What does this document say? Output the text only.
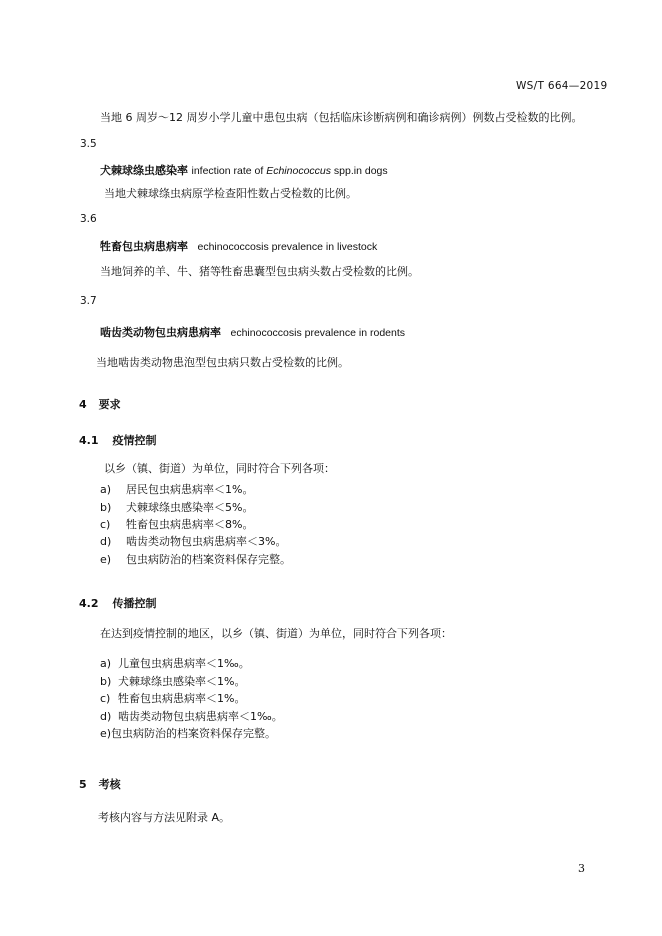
WS/T 664—2019
当地 6 周岁～12 周岁小学儿童中患包虫病（包括临床诊断病例和确诊病例）例数占受检数的比例。
3.5
犬棘球绦虫感染率 infection rate of Echinococcus spp.in dogs
当地犬棘球绦虫病原学检查阳性数占受检数的比例。
3.6
牲畜包虫病患病率 echinococcosis prevalence in livestock
当地饲养的羊、牛、猪等牲畜患囊型包虫病头数占受检数的比例。
3.7
啮齿类动物包虫病患病率 echinococcosis prevalence in rodents
当地啮齿类动物患泡型包虫病只数占受检数的比例。
4 要求
4.1 疫情控制
以乡（镇、街道）为单位，同时符合下列各项：
a) 居民包虫病患病率＜1%。
b) 犬棘球绦虫感染率＜5%。
c) 牲畜包虫病患病率＜8%。
d) 啮齿类动物包虫病患病率＜3%。
e) 包虫病防治的档案资料保存完整。
4.2 传播控制
在达到疫情控制的地区，以乡（镇、街道）为单位，同时符合下列各项：
a) 儿童包虫病患病率＜1‰。
b) 犬棘球绦虫感染率＜1%。
c) 牲畜包虫病患病率＜1%。
d) 啮齿类动物包虫病患病率＜1‰。
e)包虫病防治的档案资料保存完整。
5 考核
考核内容与方法见附录 A。
3
